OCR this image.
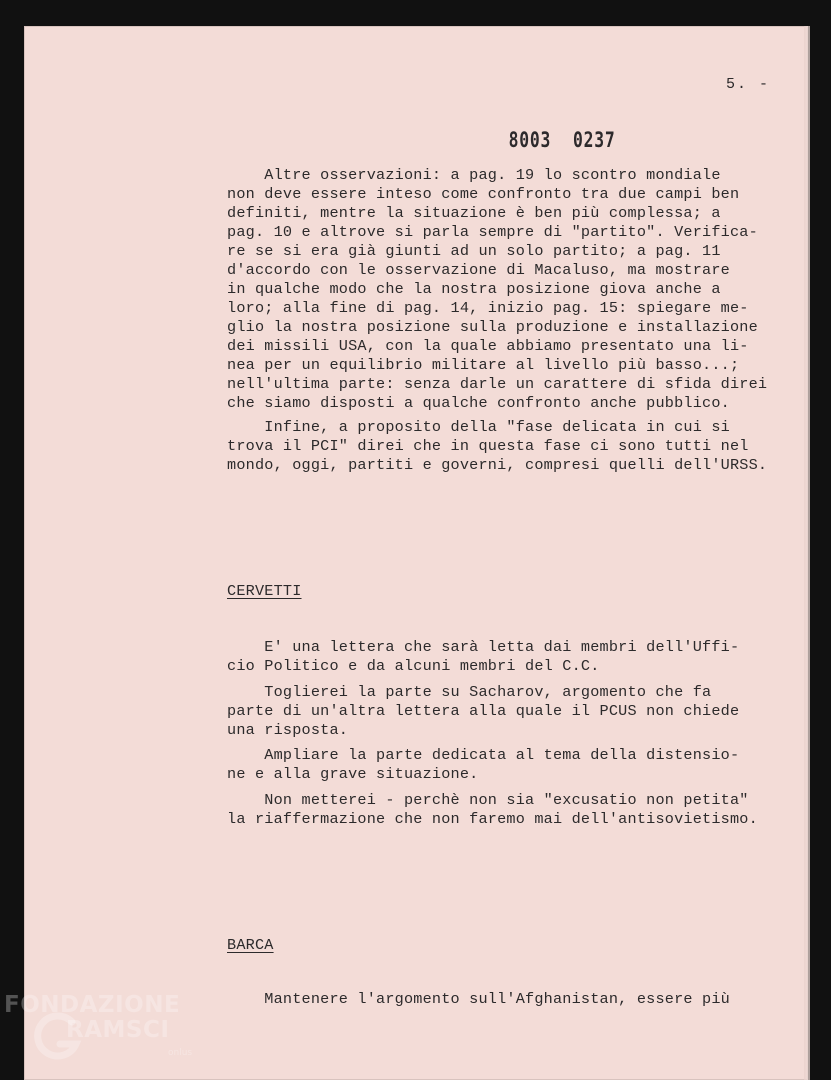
5. -

8003 0237

Altre osservazioni: a pag. 19 lo scontro mondiale

non deve essere inteso come confronto tra due campi ben

definiti, mentre la situazione è ben più complessa; a

pag. 10 e altrove si parla sempre di "partito". Verifica-

re se si era già giunti ad un solo partito; a pag. 11

d'accordo con le osservazione di Macaluso, ma mostrare

in qualche modo che la nostra posizione giova anche a

loro; alla fine di pag. 14, inizio pag. 15: spiegare me-

glio la nostra posizione sulla produzione e installazione

dei missili USA, con la quale abbiamo presentato una li-

nea per un equilibrio militare al livello più basso...;

nell'ultima parte: senza darle un carattere di sfida direi

che siamo disposti a qualche confronto anche pubblico.

Infine, a proposito della "fase delicata in cui si

trova il PCI" direi che in questa fase ci sono tutti nel

mondo, oggi, partiti e governi, compresi quelli dell'URSS.

CERVETTI

E' una lettera che sarà letta dai membri dell'Uffi-

cio Politico e da alcuni membri del C.C.

Toglierei la parte su Sacharov, argomento che fa

parte di un'altra lettera alla quale il PCUS non chiede

una risposta.

Ampliare la parte dedicata al tema della distensio-

ne e alla grave situazione.

Non metterei - perchè non sia "excusatio non petita"

la riaffermazione che non faremo mai dell'antisovietismo.

BARCA

Mantenere l'argomento sull'Afghanistan, essere più

FONDAZIONE
RAMSCI
onlus
